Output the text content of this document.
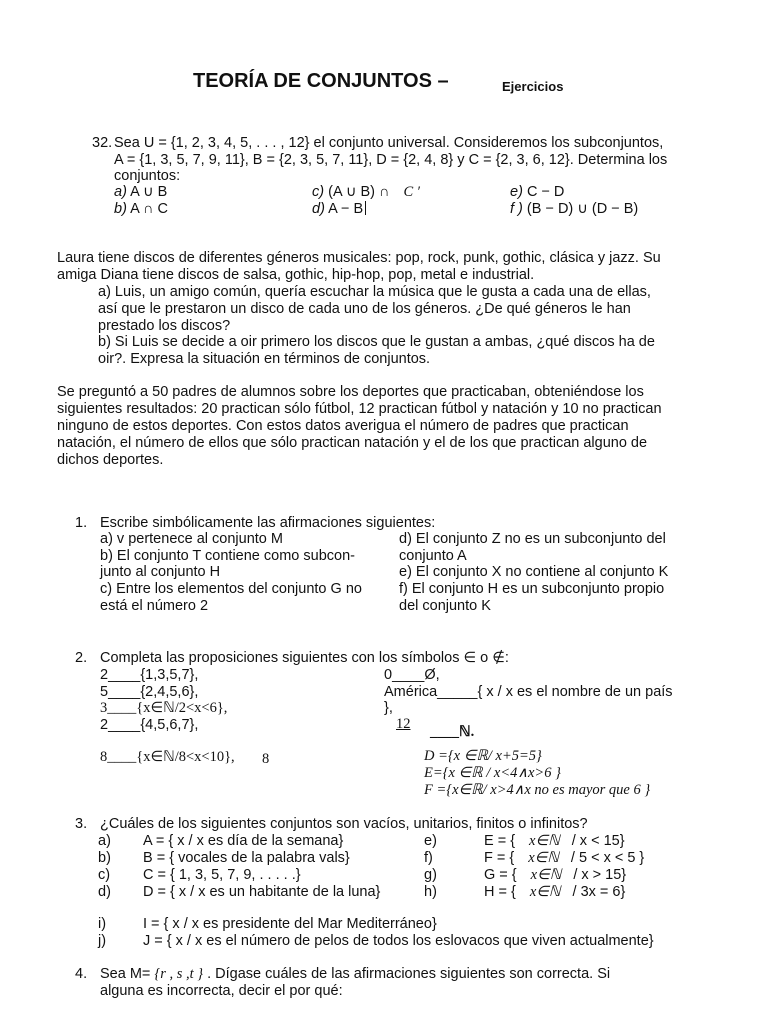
TEORÍA DE CONJUNTOS –	Ejercicios
32. Sea U = {1, 2, 3, 4, 5, . . . , 12} el conjunto universal. Consideremos los subconjuntos,
A = {1, 3, 5, 7, 9, 11}, B = {2, 3, 5, 7, 11}, D = {2, 4, 8} y C = {2, 3, 6, 12}. Determina los
conjuntos:
a) A ∪ B	c) (A ∪ B) ∩ C ′	e) C − D
b) A ∩ C	d) A − B	f ) (B − D) ∪ (D − B)
Laura tiene discos de diferentes géneros musicales: pop, rock, punk, gothic, clásica y jazz. Su
amiga Diana tiene discos de salsa, gothic, hip-hop, pop, metal e industrial.
a) Luis, un amigo común, quería escuchar la música que le gusta a cada una de ellas,
así que le prestaron un disco de cada uno de los géneros. ¿De qué géneros le han
prestado los discos?
b) Si Luis se decide a oir primero los discos que le gustan a ambas, ¿qué discos ha de
oir?. Expresa la situación en términos de conjuntos.
Se preguntó a 50 padres de alumnos sobre los deportes que practicaban, obteniéndose los
siguientes resultados: 20 practican sólo fútbol, 12 practican fútbol y natación y 10 no practican
ninguno de estos deportes. Con estos datos averigua el número de padres que practican
natación, el número de ellos que sólo practican natación y el de los que practican alguno de
dichos deportes.
1. Escribe simbólicamente las afirmaciones siguientes:
a) v pertenece al conjunto M
b) El conjunto T contiene como subcon-
junto al conjunto H
c) Entre los elementos del conjunto G no
está el número 2
d) El conjunto Z no es un subconjunto del
conjunto A
e) El conjunto X no contiene al conjunto K
f) El conjunto H es un subconjunto propio
del conjunto K
2. Completa las proposiciones siguientes con los símbolos ∈ o ∉:
2____{1,3,5,7},
5____{2,4,5,6},
3____{x∈ℕ/2<x<6},
2____{4,5,6,7},
8____{x∈ℕ/8<x<10}, 8
0____Ø,
América_____{ x / x es el nombre de un país
},
12 ____ℕ.
D ={x ∈ℝ/ x+5=5}
E={x ∈ℝ / x<4∧x>6 }
F ={x∈ℝ/ x>4∧x no es mayor que 6 }
3. ¿Cuáles de los siguientes conjuntos son vacíos, unitarios, finitos o infinitos?
a) A = { x / x es día de la semana}
b) B = { vocales de la palabra vals}
c) C = { 1, 3, 5, 7, 9, . . . . .}
d) D = { x / x es un habitante de la luna}
e)	E = { x∈ℕ / x < 15}
f)	F = { x∈ℕ / 5 < x < 5 }
g)	G = { x∈ℕ / x > 15}
h)	H = { x∈ℕ / 3x = 6}
i)	I = { x / x es presidente del Mar Mediterráneo}
j)	J = { x / x es el número de pelos de todos los eslovacos que viven actualmente}
4. Sea M= {r , s ,t } . Dígase cuáles de las afirmaciones siguientes son correcta. Si
alguna es incorrecta, decir el por qué:
